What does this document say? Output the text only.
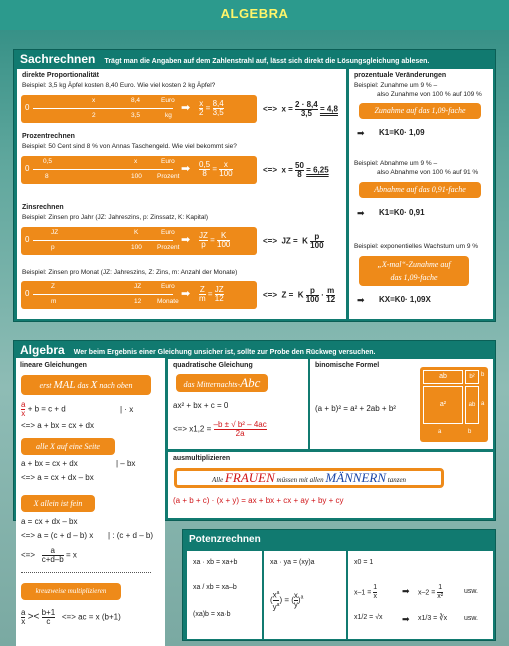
ALGEBRA
Sachrechnen Trägt man die Angaben auf dem Zahlenstrahl auf, lässt sich direkt die Lösungsgleichung ablesen.
direkte Proportionalität
Beispiel: 3,5 kg Äpfel kosten 8,40 Euro. Wie viel kosten 2 kg Äpfel?
0
x	8,4	Euro
2	3,5	kg
➡ $\frac{x}{2} = \frac{8,4}{3,5}$	<=>  $x = \frac{2 \cdot 8,4}{3,5} = 4,8$
Prozentrechnen
Beispiel: 50 Cent sind 8 % von Annas Taschengeld. Wie viel bekommt sie?
0
0,5	x	Euro
8	100 Prozent
➡ $\frac{0,5}{8} = \frac{x}{100}$	<=>  $x = \frac{50}{8} = 6,25$
Zinsrechnen
Beispiel: Zinsen pro Jahr (JZ: Jahreszins, p: Zinssatz, K: Kapital)
0
JZ	K	Euro
p	100 Prozent
➡ $\frac{JZ}{p} = \frac{K}{100}$	<=>  JZ = K $\frac{p}{100}$
Beispiel: Zinsen pro Monat (JZ: Jahreszins, Z: Zins, m: Anzahl der Monate)
0
Z	JZ	Euro
m	12 Monate
➡ $\frac{Z}{m} = \frac{JZ}{12}$	<=>  Z = K $\frac{p}{100} \cdot \frac{m}{12}$
prozentuale Veränderungen
Beispiel: Zunahme um 9 % –
also Zunahme von 100 % auf 109 %
Zunahme auf das 1,09-fache
➡ K1=K0· 1,09
Beispiel: Abnahme um 9 % –
also Abnahme von 100 % auf 91 %
Abnahme auf das 0,91-fache
➡ K1=K0· 0,91
Beispiel: exponentielles Wachstum um 9 %
„X-mal“-Zunahme auf
das 1,09-fache
➡ KX=K0· 1,09X
Algebra Wer beim Ergebnis einer Gleichung unsicher ist, sollte zur Probe den Rückweg versuchen.
quadratische Gleichung
das Mitternachts-Abc
ax² + bx + c = 0
<=> $x1,2 = \frac{\text{–b ± √ b² – 4ac}}{2a}$
binomische Formel
(a + b)² = a² + 2ab + b²
ab	b²
a²	ab
b
a
a	b
ausmultiplizieren
Alle FRAUEN müssen mit allen MÄNNERN tanzen
(a + b + c) · (x + y) = ax + bx + cx + ay + by + cy
lineare Gleichungen
erst MAL das X nach oben
$\frac{a}{x} + b = c + d$	| · x
<=> a + bx = cx + dx
alle X auf eine Seite
a + bx = cx + dx	| – bx
<=> a = cx + dx – bx
X allein ist fein
a = cx + dx – bx
<=> a = (c + d – b) x | : (c + d – b)
<=> $\frac{a}{c+d-b} = x$
kreuzweise multiplizieren
$\frac{a}{x} >< \frac{b+1}{c}$ <=> ac = x (b+1)
Potenzrechnen
xa · xb = xa+b
xa / xb = xa–b
(xa)b = xa·b
xa · ya = (xy)a
( $\frac{x^a}{y^a}$ ) = ( $\frac{x}{y} )^a$
x0 = 1
$x-1 = \frac{1}{x}$	➡ $x-2 = \frac{1}{\text{x²}}$	usw.
x1/2 = √x ➡ x1/3 = ∛x usw.
